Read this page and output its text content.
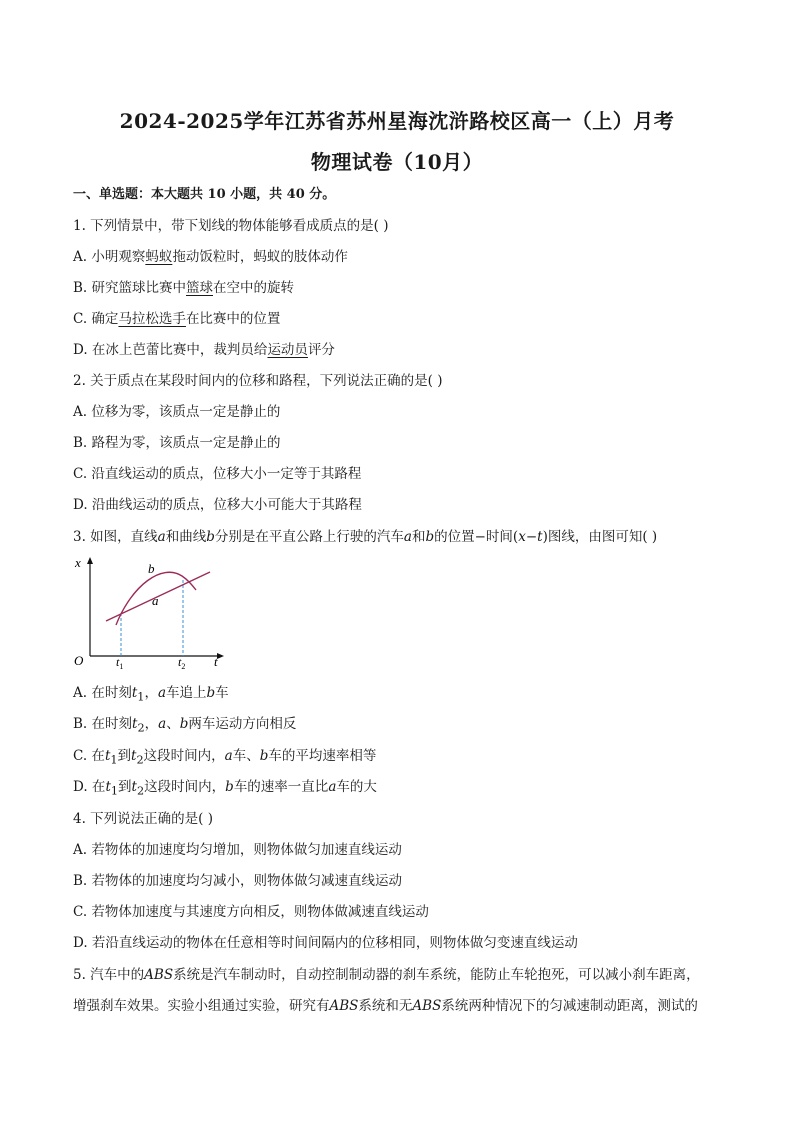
2024-2025学年江苏省苏州星海沈浒路校区高一（上）月考
物理试卷（10月）
一、单选题：本大题共 10 小题，共 40 分。
1. 下列情景中，带下划线的物体能够看成质点的是( )
A. 小明观察蚂蚁拖动饭粒时，蚂蚁的肢体动作
B. 研究篮球比赛中篮球在空中的旋转
C. 确定马拉松选手在比赛中的位置
D. 在冰上芭蕾比赛中，裁判员给运动员评分
2. 关于质点在某段时间内的位移和路程，下列说法正确的是( )
A. 位移为零，该质点一定是静止的
B. 路程为零，该质点一定是静止的
C. 沿直线运动的质点，位移大小一定等于其路程
D. 沿曲线运动的质点，位移大小可能大于其路程
3. 如图，直线a和曲线b分别是在平直公路上行驶的汽车a和b的位置−时间(x−t)图线，由图可知( )
x
O	t
b
a
$t_1$	$t_2$
A. 在时刻$t_1$，a车追上b车
B. 在时刻$t_2$，a、b两车运动方向相反
C. 在$t_1$到$t_2$这段时间内，a车、b车的平均速率相等
D. 在$t_1$到$t_2$这段时间内，b车的速率一直比a车的大
4. 下列说法正确的是( )
A. 若物体的加速度均匀增加，则物体做匀加速直线运动
B. 若物体的加速度均匀减小，则物体做匀减速直线运动
C. 若物体加速度与其速度方向相反，则物体做减速直线运动
D. 若沿直线运动的物体在任意相等时间间隔内的位移相同，则物体做匀变速直线运动
5. 汽车中的ABS系统是汽车制动时，自动控制制动器的刹车系统，能防止车轮抱死，可以减小刹车距离，
增强刹车效果。实验小组通过实验，研究有ABS系统和无ABS系统两种情况下的匀减速制动距离，测试的
